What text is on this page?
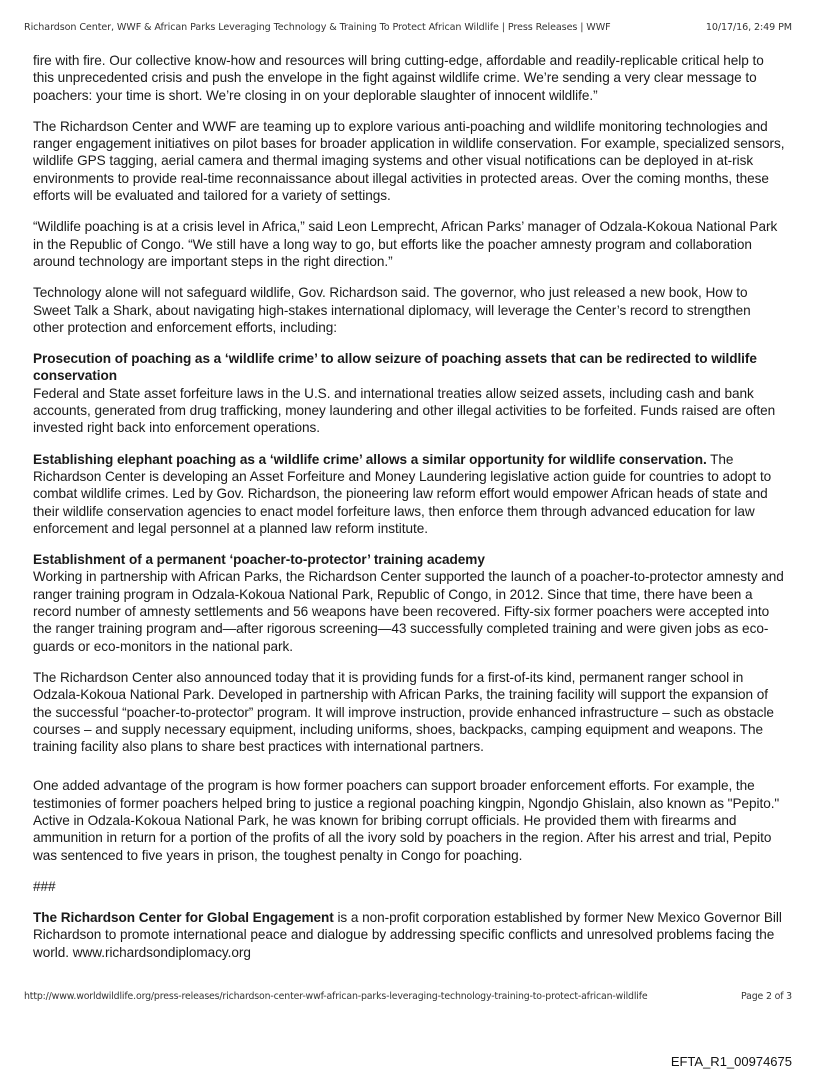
Richardson Center, WWF & African Parks Leveraging Technology & Training To Protect African Wildlife | Press Releases | WWF	10/17/16, 2:49 PM

fire with fire. Our collective know-how and resources will bring cutting-edge, affordable and readily-replicable critical help to this unprecedented crisis and push the envelope in the fight against wildlife crime. We’re sending a very clear message to poachers: your time is short. We’re closing in on your deplorable slaughter of innocent wildlife.”

The Richardson Center and WWF are teaming up to explore various anti-poaching and wildlife monitoring technologies and ranger engagement initiatives on pilot bases for broader application in wildlife conservation. For example, specialized sensors, wildlife GPS tagging, aerial camera and thermal imaging systems and other visual notifications can be deployed in at-risk environments to provide real-time reconnaissance about illegal activities in protected areas. Over the coming months, these efforts will be evaluated and tailored for a variety of settings.

“Wildlife poaching is at a crisis level in Africa,” said Leon Lemprecht, African Parks’ manager of Odzala-Kokoua National Park in the Republic of Congo. “We still have a long way to go, but efforts like the poacher amnesty program and collaboration around technology are important steps in the right direction.”

Technology alone will not safeguard wildlife, Gov. Richardson said. The governor, who just released a new book, How to Sweet Talk a Shark, about navigating high-stakes international diplomacy, will leverage the Center’s record to strengthen other protection and enforcement efforts, including:

Prosecution of poaching as a ‘wildlife crime’ to allow seizure of poaching assets that can be redirected to wildlife conservation
Federal and State asset forfeiture laws in the U.S. and international treaties allow seized assets, including cash and bank accounts, generated from drug trafficking, money laundering and other illegal activities to be forfeited. Funds raised are often invested right back into enforcement operations.

Establishing elephant poaching as a ‘wildlife crime’ allows a similar opportunity for wildlife conservation. The Richardson Center is developing an Asset Forfeiture and Money Laundering legislative action guide for countries to adopt to combat wildlife crimes. Led by Gov. Richardson, the pioneering law reform effort would empower African heads of state and their wildlife conservation agencies to enact model forfeiture laws, then enforce them through advanced education for law enforcement and legal personnel at a planned law reform institute.

Establishment of a permanent ‘poacher-to-protector’ training academy
Working in partnership with African Parks, the Richardson Center supported the launch of a poacher-to-protector amnesty and ranger training program in Odzala-Kokoua National Park, Republic of Congo, in 2012. Since that time, there have been a record number of amnesty settlements and 56 weapons have been recovered. Fifty-six former poachers were accepted into the ranger training program and—after rigorous screening—43 successfully completed training and were given jobs as eco-guards or eco-monitors in the national park.

The Richardson Center also announced today that it is providing funds for a first-of-its kind, permanent ranger school in Odzala-Kokoua National Park. Developed in partnership with African Parks, the training facility will support the expansion of the successful “poacher-to-protector” program. It will improve instruction, provide enhanced infrastructure – such as obstacle courses – and supply necessary equipment, including uniforms, shoes, backpacks, camping equipment and weapons. The training facility also plans to share best practices with international partners.

One added advantage of the program is how former poachers can support broader enforcement efforts. For example, the testimonies of former poachers helped bring to justice a regional poaching kingpin, Ngondjo Ghislain, also known as "Pepito." Active in Odzala-Kokoua National Park, he was known for bribing corrupt officials. He provided them with firearms and ammunition in return for a portion of the profits of all the ivory sold by poachers in the region. After his arrest and trial, Pepito was sentenced to five years in prison, the toughest penalty in Congo for poaching.

###

The Richardson Center for Global Engagement is a non-profit corporation established by former New Mexico Governor Bill Richardson to promote international peace and dialogue by addressing specific conflicts and unresolved problems facing the world. www.richardsondiplomacy.org

http://www.worldwildlife.org/press-releases/richardson-center-wwf-african-parks-leveraging-technology-training-to-protect-african-wildlife	Page 2 of 3
EFTA_R1_00974675
